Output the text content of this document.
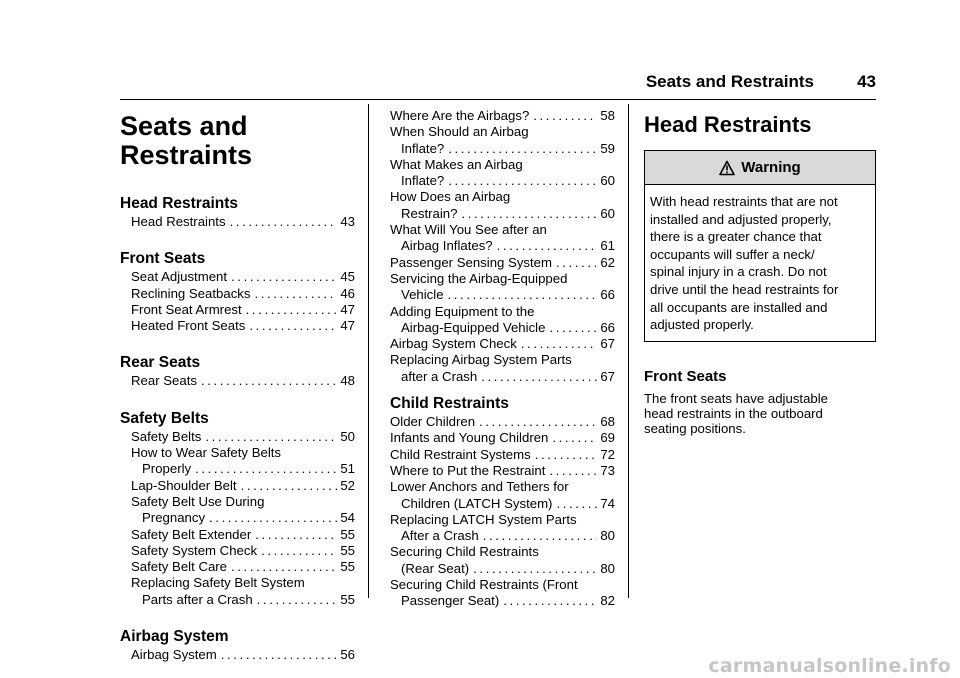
Seats and Restraints	43
Seats and
Restraints
Head Restraints
Head Restraints .....	43
Front Seats
Seat Adjustment .....	45
Reclining Seatbacks .....	46
Front Seat Armrest .....	47
Heated Front Seats .....	47
Rear Seats
Rear Seats .....	48
Safety Belts
Safety Belts .....	50
How to Wear Safety Belts
Properly .....	51
Lap-Shoulder Belt .....	52
Safety Belt Use During
Pregnancy .....	54
Safety Belt Extender .....	55
Safety System Check .....	55
Safety Belt Care .....	55
Replacing Safety Belt System
Parts after a Crash .....	55
Airbag System
Airbag System .....	56
Where Are the Airbags? .....	58
When Should an Airbag
Inflate? .....	59
What Makes an Airbag
Inflate? .....	60
How Does an Airbag
Restrain? .....	60
What Will You See after an
Airbag Inflates? .....	61
Passenger Sensing System .....	62
Servicing the Airbag-Equipped
Vehicle .....	66
Adding Equipment to the
Airbag-Equipped Vehicle .....	66
Airbag System Check .....	67
Replacing Airbag System Parts
after a Crash .....	67
Child Restraints
Older Children .....	68
Infants and Young Children .....	69
Child Restraint Systems .....	72
Where to Put the Restraint .....	73
Lower Anchors and Tethers for
Children (LATCH System) .....	74
Replacing LATCH System Parts
After a Crash .....	80
Securing Child Restraints
(Rear Seat) .....	80
Securing Child Restraints (Front
Passenger Seat) .....	82
Head Restraints
Warning
With head restraints that are not
installed and adjusted properly,
there is a greater chance that
occupants will suffer a neck/
spinal injury in a crash. Do not
drive until the head restraints for
all occupants are installed and
adjusted properly.
Front Seats
The front seats have adjustable
head restraints in the outboard
seating positions.
carmanualsonline.info
